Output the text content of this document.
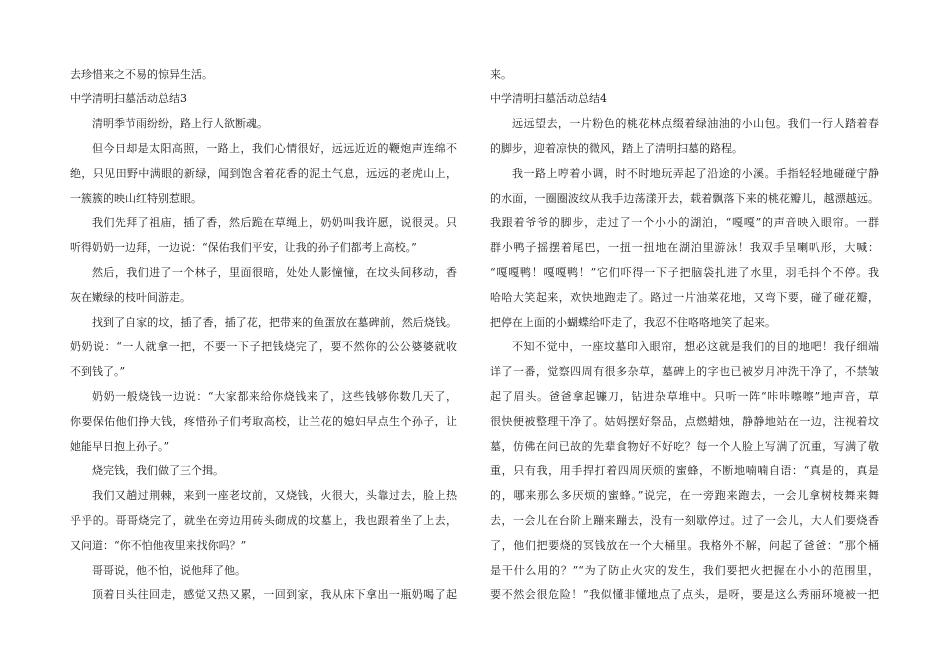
去珍惜来之不易的惊异生活。
中学清明扫墓活动总结3
清明季节雨纷纷，路上行人欲断魂。
但今日却是太阳高照，一路上，我们心情很好，远远近近的鞭炮声连绵不
绝，只见田野中满眼的新绿，闻到饱含着花香的泥土气息，远远的老虎山上，
一簇簇的映山红特别惹眼。
我们先拜了祖庙，插了香，然后跪在草绳上，奶奶叫我许愿，说很灵。只
听得奶奶一边拜，一边说：“保佑我们平安，让我的孙子们都考上高校。”
然后，我们进了一个林子，里面很暗，处处人影憧憧，在坟头间移动，香
灰在嫩绿的枝叶间游走。
找到了自家的坟，插了香，插了花，把带来的鱼蛋放在墓碑前，然后烧钱。
奶奶说：“一人就拿一把，不要一下子把钱烧完了，要不然你的公公婆婆就收
不到钱了。”
奶奶一般烧钱一边说：“大家都来给你烧钱来了，这些钱够你数几天了，
你要保佑他们挣大钱，疼惜孙子们考取高校，让兰花的媳妇早点生个孙子，让
她能早日抱上孙子。”
烧完钱，我们做了三个揖。
我们又趟过荆棘，来到一座老坟前，又烧钱，火很大，头靠过去，脸上热
乎乎的。哥哥烧完了，就坐在旁边用砖头砌成的坟墓上，我也跟着坐了上去，
又问道：“你不怕他夜里来找你吗？”
哥哥说，他不怕，说他拜了他。
顶着日头往回走，感觉又热又累，一回到家，我从床下拿出一瓶奶喝了起
来。
中学清明扫墓活动总结4
远远望去，一片粉色的桃花林点缀着绿油油的小山包。我们一行人踏着春
的脚步，迎着凉快的微风，踏上了清明扫墓的路程。
我一路上哼着小调，时不时地玩弄起了沿途的小溪。手指轻轻地碰碰宁静
的水面，一圈圈波纹从我手边荡漾开去，载着飘落下来的桃花瓣儿，越漂越远。
我跟着爷爷的脚步，走过了一个小小的湖泊，“嘎嘎”的声音映入眼帘。一群
群小鸭子摇摆着尾巴，一扭一扭地在湖泊里游泳！我双手呈喇叭形，大喊：
“嘎嘎鸭！嘎嘎鸭！”它们吓得一下子把脑袋扎进了水里，羽毛抖个不停。我
哈哈大笑起来，欢快地跑走了。路过一片油菜花地，又弯下要，碰了碰花瓣，
把停在上面的小蝴蝶给吓走了，我忍不住咯咯地笑了起来。
不知不觉中，一座坟墓印入眼帘，想必这就是我们的目的地吧！我仔细端
详了一番，觉察四周有很多杂草，墓碑上的字也已被岁月冲洗干净了，不禁皱
起了眉头。爸爸拿起镰刀，钻进杂草堆中。只听一阵“咔咔嚓嚓”地声音，草
很快便被整理干净了。姑妈摆好祭品，点燃蜡烛，静静地站在一边，注视着坟
墓，仿佛在问已故的先辈食物好不好吃？每一个人脸上写满了沉重，写满了敬
重，只有我，用手捍打着四周厌烦的蜜蜂，不断地喃喃自语：“真是的，真是
的，哪来那么多厌烦的蜜蜂。”说完，在一旁跑来跑去，一会儿拿树枝舞来舞
去，一会儿在台阶上蹦来蹦去，没有一刻歇停过。过了一会儿，大人们要烧香
了，他们把要烧的冥钱放在一个大桶里。我格外不解，问起了爸爸：“那个桶
是干什么用的？”“为了防止火灾的发生，我们要把火把握在小小的范围里，
要不然会很危险！”我似懂非懂地点了点头，是呀，要是这么秀丽环境被一把
